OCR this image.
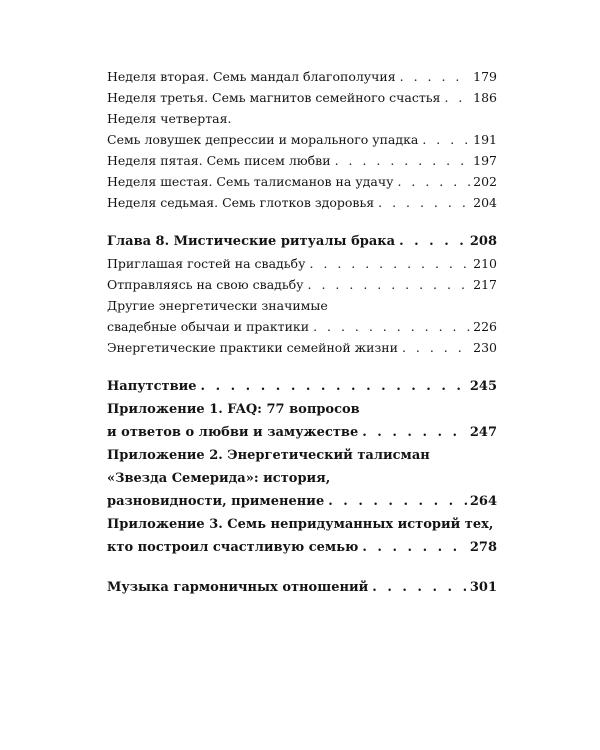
Неделя вторая. Семь мандал благополучия . . .	179
Неделя третья. Семь магнитов семейного счастья . . .	186
Неделя четвертая.
Семь ловушек депрессии и морального упадка . . .	191
Неделя пятая. Семь писем любви . . .	197
Неделя шестая. Семь талисманов на удачу . . .	202
Неделя седьмая. Семь глотков здоровья . . .	204
Глава 8. Мистические ритуалы брака . . .	208
Приглашая гостей на свадьбу . . .	210
Отправляясь на свою свадьбу . . .	217
Другие энергетически значимые
свадебные обычаи и практики . . .	226
Энергетические практики семейной жизни . . .	230
Напутствие . . .	245
Приложение 1. FAQ: 77 вопросов
и ответов о любви и замужестве . . .	247
Приложение 2. Энергетический талисман
«Звезда Семерида»: история,
разновидности, применение . . .	264
Приложение 3. Семь непридуманных историй тех,
кто построил счастливую семью . . .	278
Музыка гармоничных отношений . . .	301
